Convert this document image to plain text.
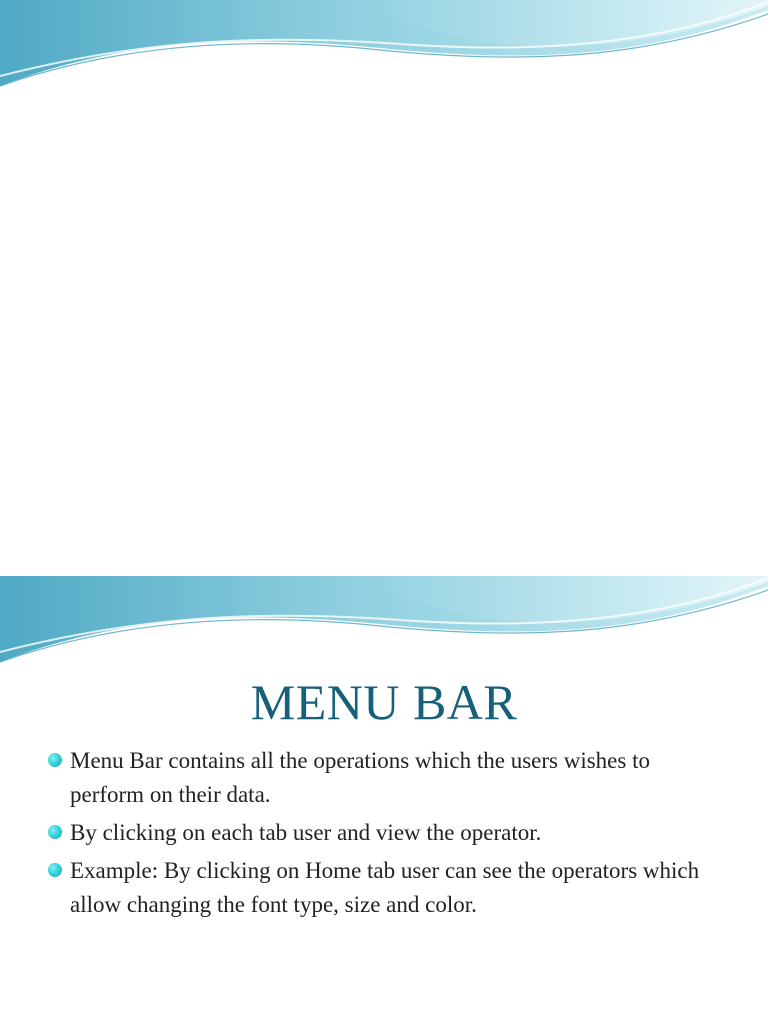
MENU BAR
Menu Bar contains all the operations which the users wishes to perform on their data.
By clicking on each tab user and view the operator.
Example: By clicking on Home tab user can see the operators which allow changing the font type, size and color.
